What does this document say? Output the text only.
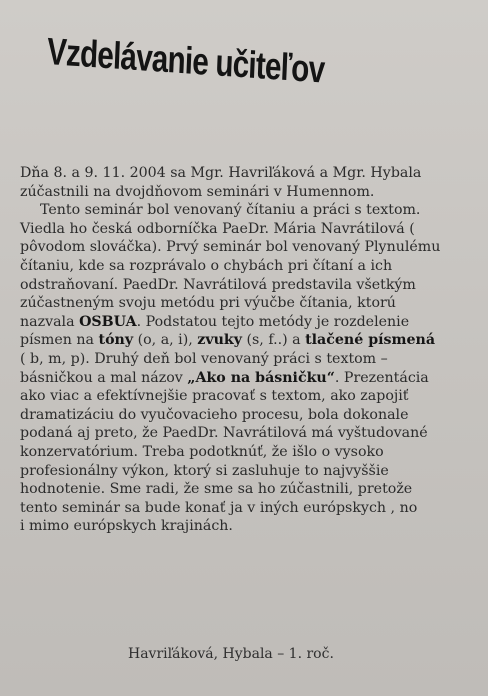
Vzdelávanie učiteľov
Dňa 8. a 9. 11. 2004 sa Mgr. Havriľáková a Mgr. Hybala
zúčastnili na dvojdňovom seminári v Humennom.
Tento seminár bol venovaný čítaniu a práci s textom.
Viedla ho česká odborníčka PaeDr. Mária Navrátilová (
pôvodom slováčka). Prvý seminár bol venovaný Plynulému
čítaniu, kde sa rozprávalo o chybách pri čítaní a ich
odstraňovaní. PaedDr. Navrátilová predstavila všetkým
zúčastneným svoju metódu pri výučbe čítania, ktorú
nazvala OSBUA. Podstatou tejto metódy je rozdelenie
písmen na tóny (o, a, i), zvuky (s, f..) a tlačené písmená
( b, m, p). Druhý deň bol venovaný práci s textom –
básničkou a mal názov „Ako na básničku“. Prezentácia
ako viac a efektívnejšie pracovať s textom, ako zapojiť
dramatizáciu do vyučovacieho procesu, bola dokonale
podaná aj preto, že PaedDr. Navrátilová má vyštudované
konzervatórium. Treba podotknúť, že išlo o vysoko
profesionálny výkon, ktorý si zasluhuje to najvyššie
hodnotenie. Sme radi, že sme sa ho zúčastnili, pretože
tento seminár sa bude konať ja v iných európskych , no
i mimo európskych krajinách.
Havriľáková, Hybala – 1. roč.
